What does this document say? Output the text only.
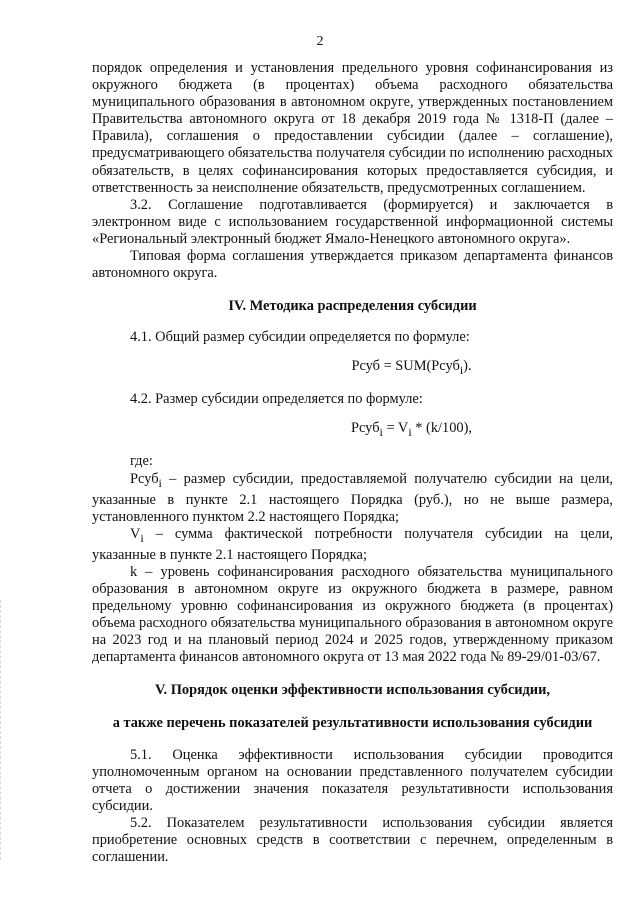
2

порядок определения и установления предельного уровня софинансирования из окружного бюджета (в процентах) объема расходного обязательства муниципального образования в автономном округе, утвержденных постановлением Правительства автономного округа от 18 декабря 2019 года № 1318-П (далее – Правила), соглашения о предоставлении субсидии (далее – соглашение), предусматривающего обязательства получателя субсидии по исполнению расходных обязательств, в целях софинансирования которых предоставляется субсидия, и ответственность за неисполнение обязательств, предусмотренных соглашением.

3.2. Соглашение подготавливается (формируется) и заключается в электронном виде с использованием государственной информационной системы «Региональный электронный бюджет Ямало-Ненецкого автономного округа».

Типовая форма соглашения утверждается приказом департамента финансов автономного округа.

IV. Методика распределения субсидии

4.1. Общий размер субсидии определяется по формуле:

Рсуб = SUM(Рсуб$_i$).

4.2. Размер субсидии определяется по формуле:

Рсуб$_i$ = $V_i * (k/100)$,

где:

Рсуб$_i$ – размер субсидии, предоставляемой получателю субсидии на цели, указанные в пункте 2.1 настоящего Порядка (руб.), но не выше размера, установленного пунктом 2.2 настоящего Порядка;

$V_i$ – сумма фактической потребности получателя субсидии на цели, указанные в пункте 2.1 настоящего Порядка;

k – уровень софинансирования расходного обязательства муниципального образования в автономном округе из окружного бюджета в размере, равном предельному уровню софинансирования из окружного бюджета (в процентах) объема расходного обязательства муниципального образования в автономном округе на 2023 год и на плановый период 2024 и 2025 годов, утвержденному приказом департамента финансов автономного округа от 13 мая 2022 года № 89-29/01-03/67.

V. Порядок оценки эффективности использования субсидии,

а также перечень показателей результативности использования субсидии

5.1. Оценка эффективности использования субсидии проводится уполномоченным органом на основании представленного получателем субсидии отчета о достижении значения показателя результативности использования субсидии.

5.2. Показателем результативности использования субсидии является приобретение основных средств в соответствии с перечнем, определенным в соглашении.
